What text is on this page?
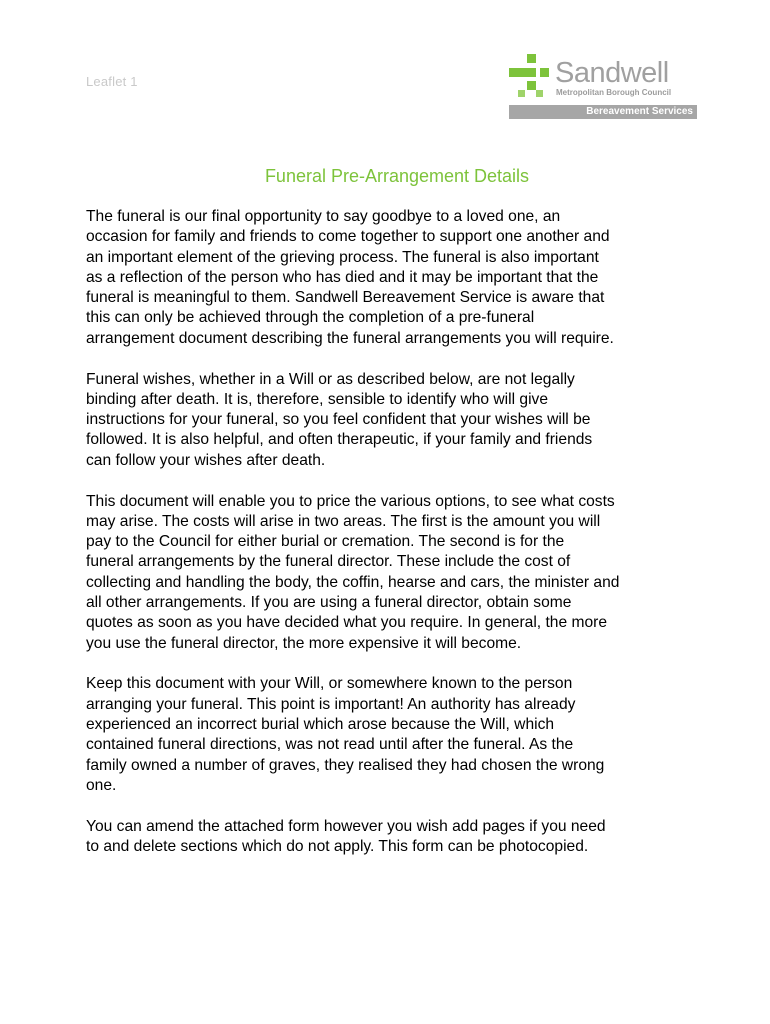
Leaflet 1	Sandwell
Metropolitan Borough Council
Bereavement Services
Funeral Pre-Arrangement Details

The funeral is our final opportunity to say goodbye to a loved one, an
occasion for family and friends to come together to support one another and
an important element of the grieving process. The funeral is also important
as a reflection of the person who has died and it may be important that the
funeral is meaningful to them. Sandwell Bereavement Service is aware that
this can only be achieved through the completion of a pre-funeral
arrangement document describing the funeral arrangements you will require.

Funeral wishes, whether in a Will or as described below, are not legally
binding after death. It is, therefore, sensible to identify who will give
instructions for your funeral, so you feel confident that your wishes will be
followed. It is also helpful, and often therapeutic, if your family and friends
can follow your wishes after death.

This document will enable you to price the various options, to see what costs
may arise. The costs will arise in two areas. The first is the amount you will
pay to the Council for either burial or cremation. The second is for the
funeral arrangements by the funeral director. These include the cost of
collecting and handling the body, the coffin, hearse and cars, the minister and
all other arrangements. If you are using a funeral director, obtain some
quotes as soon as you have decided what you require. In general, the more
you use the funeral director, the more expensive it will become.

Keep this document with your Will, or somewhere known to the person
arranging your funeral. This point is important! An authority has already
experienced an incorrect burial which arose because the Will, which
contained funeral directions, was not read until after the funeral. As the
family owned a number of graves, they realised they had chosen the wrong
one.

You can amend the attached form however you wish add pages if you need
to and delete sections which do not apply. This form can be photocopied.
